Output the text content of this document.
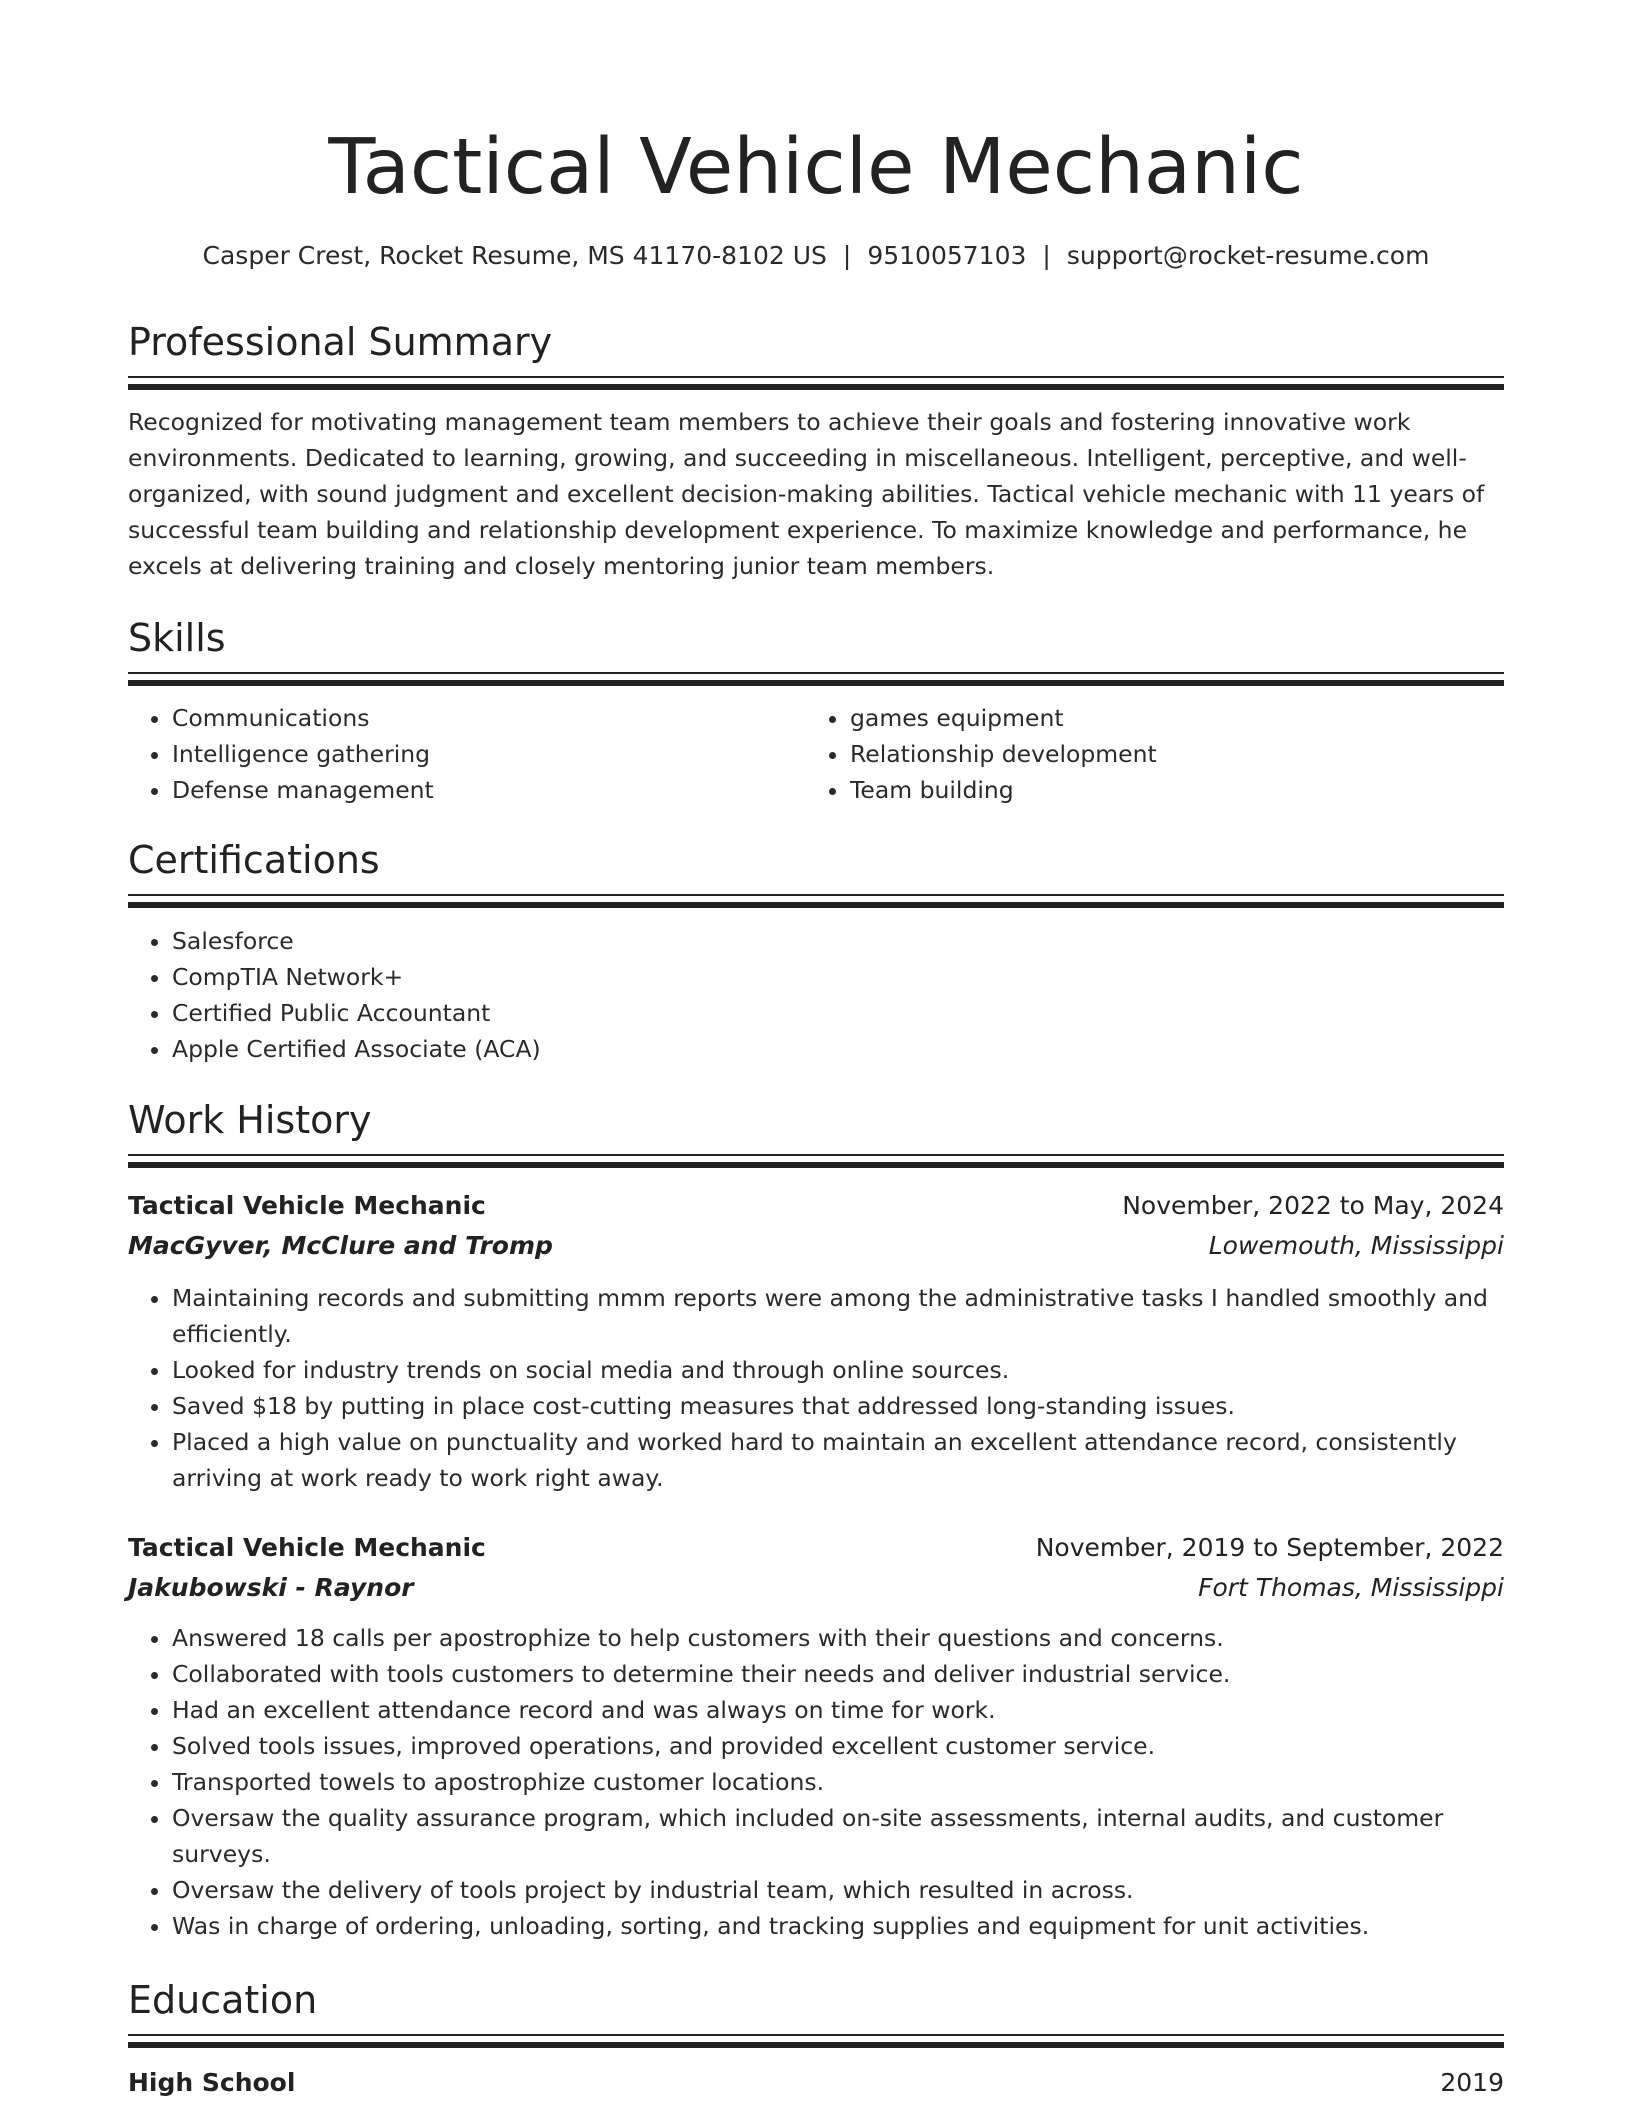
Tactical Vehicle Mechanic
Casper Crest, Rocket Resume, MS 41170-8102 US | 9510057103 | support@rocket-resume.com
Professional Summary

Recognized for motivating management team members to achieve their goals and fostering innovative work environments. Dedicated to learning, growing, and succeeding in miscellaneous. Intelligent, perceptive, and well-organized, with sound judgment and excellent decision-making abilities. Tactical vehicle mechanic with 11 years of successful team building and relationship development experience. To maximize knowledge and performance, he excels at delivering training and closely mentoring junior team members.

Skills
• Communications
• Intelligence gathering
• Defense management
• games equipment
• Relationship development
• Team building
Certifications
• Salesforce
• CompTIA Network+
• Certified Public Accountant
• Apple Certified Associate (ACA)
Work History
Tactical Vehicle Mechanic	November, 2022 to May, 2024
MacGyver, McClure and Tromp	Lowemouth, Mississippi
• Maintaining records and submitting mmm reports were among the administrative tasks I handled smoothly and efficiently.
• Looked for industry trends on social media and through online sources.
• Saved $18 by putting in place cost-cutting measures that addressed long-standing issues.
• Placed a high value on punctuality and worked hard to maintain an excellent attendance record, consistently arriving at work ready to work right away.
Tactical Vehicle Mechanic	November, 2019 to September, 2022
Jakubowski - Raynor	Fort Thomas, Mississippi
• Answered 18 calls per apostrophize to help customers with their questions and concerns.
• Collaborated with tools customers to determine their needs and deliver industrial service.
• Had an excellent attendance record and was always on time for work.
• Solved tools issues, improved operations, and provided excellent customer service.
• Transported towels to apostrophize customer locations.
• Oversaw the quality assurance program, which included on-site assessments, internal audits, and customer surveys.
• Oversaw the delivery of tools project by industrial team, which resulted in across.
• Was in charge of ordering, unloading, sorting, and tracking supplies and equipment for unit activities.
Education
High School	2019
